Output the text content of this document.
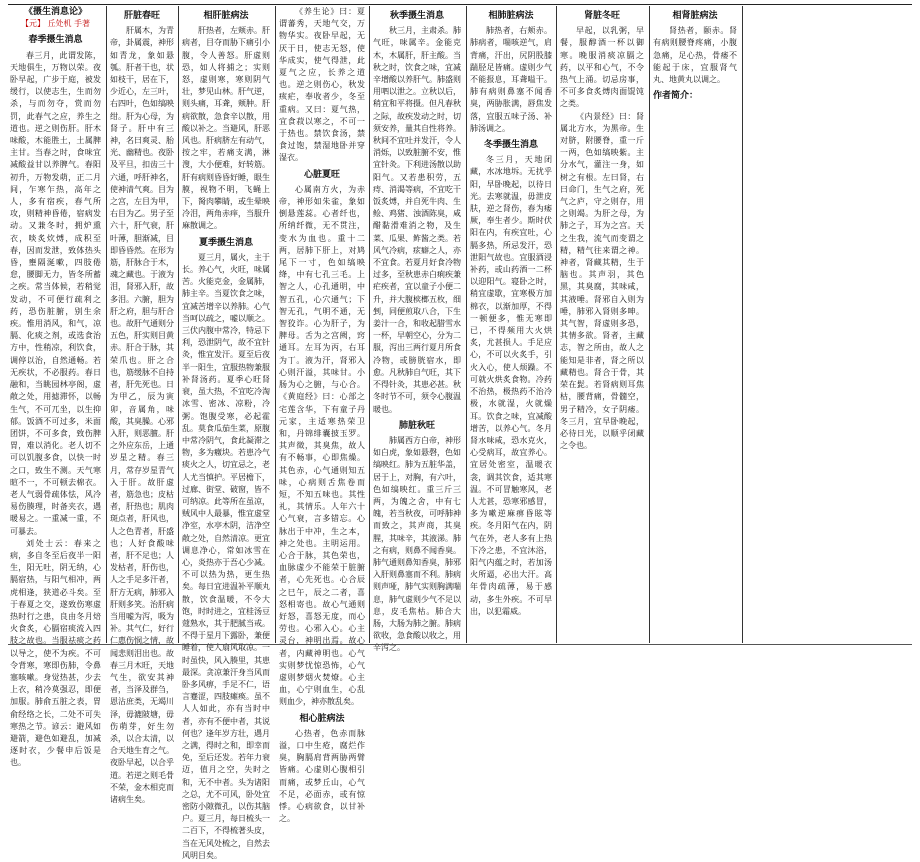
《摄生消息论》
【元】 丘处机 手著
春季摄生消息

春三月，此谓发陈，天地俱生，万物以荣。夜卧早起，广步于庭，被发缓行，以使志生，生而勿杀，与而勿夺，赏而勿罚，此春气之应，养生之道也。逆之则伤肝。肝木味酸，木能胜土，土属脾主甘。当春之时，食味宜减酸益甘以养脾气。春阳初升，万物发萌，正二月间，乍寒乍热，高年之人，多有宿疾，春气所攻，则精神昏倦，宿病发动。又兼冬时，拥炉熏衣，啖炙炊煿，成积至春，因而发泄，致体热头昏，壅隔涎嗽，四肢倦怠，腰脚无力，皆冬所蓄之疾。常当体候，若稍觉发动，不可便行疏利之药，恐伤脏腑，别生余疾。惟用消风，和气，凉膈、化痰之剂，或选食治方中，性稍凉，利饮食，调停以治，自然通畅。若无疾状，不必服药。春日融和，当眺园林亭阁，虚敞之处，用摅滞怀，以畅生气，不可兀坐，以生抑郁。饭酒不可过多，米面团饼，不可多食，致伤脾胃，难以消化。老人切不可以饥腹多食，以快一时之口，致生不测。天气寒暄不一，不可顿去棉衣。老人气弱骨疏体怯，风冷易伤腠理，时备夹衣，遇暖易之。一重减一重，不可暴去。

刘处士云：春来之病，多自冬至后夜半一阳生，阳无吐，阴无纳，心膈宿热，与阳气相冲，两虎相逢，狭道必斗矣。至于春夏之交，遂致伤寒虚热时行之患，良由冬月焙火食炙，心膈宿痰流入四肢之故也。当服祛痰之药以导之，使不为疾。不可令背寒，寒即伤肺，令鼻塞咳嗽。身觉热甚，少去上衣，稍冷莫强忍，即便加服。肺俞五脏之表，胃俞经络之长，二处不可失寒热之节。谚云：避风如避箭，避色如避乱，加减逐时衣，少餐申后饭是也。

肝脏春旺

肝属木，为青帝，卦属震，神形如青龙，象如悬瓠。肝者干也，状如枝干，居在下，少近心，左三叶，右四叶，色如缟映绀。肝为心母，为肾子。肝中有三神，名曰爽灵、胎光、幽精也。夜卧及平旦，扣齿三十六通，呼肝神名，使神清气爽。目为之宫，左目为甲，右目为乙。男子至六十，肝气衰，肝叶薄，胆渐减，目即昏昏然。在形为筋，肝脉合于木，魂之藏也。于液为泪，肾邪入肝，故多泪。六腑，胆为肝之府，胆与肝合也。故肝气通则分五色，肝实则目黄赤。肝合于脉，其荣爪也。肝之合也，筋缓脉不自持者，肝先死也。日为甲乙，辰为寅卯，音属角，味酸，其臭臊。心邪入肝，则恶膻。肝之外应东岳，上通岁星之精。春三月，常存岁星青气入于肝。故肝虚者，筋急也；皮枯者，肝热也；肌肉斑点者，肝风也，人之色青者，肝盛也；人好食酸味者，肝不足也；人发枯者，肝伤也，人之手足多汗者，肝方无病，肺邪入肝则多笑。治肝病当用嘘为泻，吸为补。其气仁，好行仁惠伤悯之情，故闻悲则泪出也。故春三月木旺，天地气生，欲安其神者，当泽及群刍，恩沾庶类，无竭川泽，毋漉陂塘，毋伤萌芽，好生勿杀，以合太清，以合天地生育之气。夜卧早起，以合乎道。若逆之则毛骨不荣，金木相克而诸病生矣。

相肝脏病法

肝热者，左颊赤。肝病者，目夺而胁下痛引小腹，令人善怒。肝虚则恐，如人将捕之；实则怒，虚则寒，寒则阴气壮，梦见山林。肝气逆，则头痛，耳聋，颊肿。肝病欲散，急食辛以散，用酸以补之。当避风，肝恶风也。肝病脐左有动气，按之牢，若痛支满，淋溲，大小便难，好转筋。肝有病则昏昏好睡，眼生膜，视物不明，飞蝇上下，胬肉攀睛，或生晕映冷泪，两角赤痒，当服升麻散调之。

夏季摄生消息

夏三月，属火，主于长。养心气，火旺，味属苦。火能克金，金属肺，肺主辛。当夏饮食之味，宜减苦增辛以养肺。心气当呵以疏之，嘘以顺之。三伏内腹中常冷，特忌下利，恐泄阴气，故不宜针灸，惟宜发汗。夏至后夜半一阳生，宜服热物兼服补肾汤药。夏季心旺肾衰，虽大热，不宜吃冷淘冰雪、密冰、凉粉，冷粥。饱腹受寒，必起霍乱。莫食瓜茄生菜，原腹中常冷阴气，食此凝滞之物，多为癥块。若患冷气痰火之人，切宜忌之，老人尤当慎护。平居檐下，过廊、街堂、破窗，皆不可纳凉。此等所在虽凉，贼风中人最暴，惟宜虚堂净室，水亭木阴，洁净空敞之处，自然清凉。更宜调息净心，常如冰雪在心，炎热亦于吾心少减。不可以热为热，更生热矣。每日宜进温补平顺丸散，饮食温暖，不令大饱，时时进之，宜桂汤豆蔻熟水，其于肥腻当戒。不得于星月下露卧，兼便睡着，使人扇风取凉。一时虽快，风入腠里，其患最深。贪凉兼汗身当风而卧多风痹，手足不仁，语言蹇涩，四肢瘫痪。虽不人人如此，亦有当时中者，亦有不便中者，其说何也？逢年岁方壮，遇月之满，得时之和，即幸而免，至后还发。若年力衰迈，值月之空，失时之和，无不中者。头为诸阳之总，尤不可风，卧处宜密防小隙微孔，以伤其脑户。夏三月，每日梳头一二百下，不得梳著头皮，当在无风处梳之，自然去风明目矣。

《养生论》曰：夏谓蕃秀，天地气交，万物华实。夜卧早起，无厌于日，使志无怒，使华成实，使气得泄，此夏气之应，长养之道也。逆之则伤心，秋发痎疟，奉收者少，冬至重病。又曰：夏气热，宜食菽以寒之，不可一于热也。禁饮食汤，禁食过饱，禁湿地卧并穿湿衣。

心脏夏旺

心属南方火，为赤帝，神形如朱雀，象如倒悬莲蕊。心者纤也，所纳纤微，无不贯注，变水为血也。重十二两，居肺下肝上，对鸠尾下一寸，色如缟映绛，中有七孔三毛。上智之人，心孔通明，中智五孔，心穴通气；下智无孔，气明不通，无智狡诈。心为肝子，为脾母。舌为之宫阙，窍通耳。左耳为丙，右耳为丁。液为汗，肾邪入心则汗溢，其味甘。小肠为心之腑，与心合。《黄庭经》曰：心部之宅莲含华，下有童子丹元家，主适寒热荣卫和，丹锦绯囊披玉罗。其声徵，其臭焦，故人有不畅事，心即焦燥。其色赤，心气通则知五味，心病则舌焦卷而短，不知五味也。其性礼，其情乐。人年六十心气衰，言多错忘。心脉出于中冲，生之本，神之处也。主明运用。心合于脉，其色荣也，血脉虚少不能荣于脏腑者，心先死也。心合辰之巳午，辰之二者，喜怒相寄也。故心气通则好怒，喜怒无度，而心劳也。心邪入心。心主灵台，神明出焉。故心者，内藏神明也。心气实则梦忧惊恐怖，心气虚则梦烟火焚燎。心主血，心宁则血生，心乱则血少，神亦散乱矣。

相心脏病法

心热者，色赤而脉溢，口中生疮，腐烂作臭，胸膈肩背两胁两臂皆痛。心虚则心腹相引而痛，或梦丘山，心气不足，必面赤，或有惊悸。心病欲食，以甘补之。

秋季摄生消息

秋三月，主肃杀。肺气旺，味属辛。金能克木，木属肝，肝主酸。当秋之时，饮食之味，宜减辛增酸以养肝气。肺盛则用呬以泄之。立秋以后，稍宜和平将摄。但凡春秋之际，故疾发动之时，切须安养，量其自性将养。秋间不宜吐并发汗，令人消烁，以致脏腑不安，惟宜针灸。下利进汤散以助阳气。又若患积劳，五痔、消渴等病，不宜吃干饭炙煿，并自死牛肉、生鲙、鸡猪、浊酒陈臭，咸醋黏滑难消之物，及生菜、瓜果、鲊酱之类。若风气冷病，痃癖之人，亦不宜食。若夏月好食冷物过多，至秋患赤白痢疾兼疟疾者，宜以童子小便二升，并大腹槟榔五枚，细剉，同便煎取八合，下生姜汁一合，和收起腊雪水一杯，早朝空心，分为二服，泻出三两行夏月所食冷物，或膀胱宿水，即愈。凡秋肺自气旺，其下不得针灸，其患必甚。秋冬时节不可，须令心腹温暖也。

肺脏秋旺

肺属西方白帝，神形如白虎，象如悬磬，色如缟映红。肺为五脏华盖，居于上，对胸，有六叶，色如缟映红。重三斤三两，为魄之舍，中有七魄，若当秋夜，可呼肺神而致之，其声商，其臭腥，其味辛，其液涕。肺之有病，则鼻不闻香臭。肺气通则鼻知香臭，肺邪入肝则鼻塞而不利。肺病则声哑，肺气实则胸满喘息，肺气虚则少气不足以息，皮毛焦枯。肺合大肠，大肠为肺之腑。肺病欲收，急食酸以收之，用辛泻之。

相肺脏病法

肺热者，右颊赤。肺病者，喘咳逆气，肩背痛，汗出，尻阴股膝踹胫足皆痛。虚则少气不能报息，耳聋嗌干。肺有病则鼻塞不闻香臭，两胁胀满，唇焦发落，宜服五味子汤、补肺汤调之。

冬季摄生消息

冬三月，天地闭藏，水冰地坼。无扰乎阳，早卧晚起，以待日光。去寒就温，毋泄皮肤，逆之肾伤，春为痿厥，奉生者少。斯时伏阳在内，有疾宜吐，心膈多热，所忌发汗，恐泄阳气故也。宜服酒浸补药，或山药酒一二杯以迎阳气。寝卧之时，稍宜虚歇，宜寒极方加棉衣，以渐加厚，不得一顿便多，惟无寒即已，不得频用大火烘炙，尤甚损人。手足应心，不可以火炙手，引火入心，使人烦躁。不可就火烘炙食物。冷药不治热，极热药不治冷极，水就湿，火就燥耳。饮食之味，宜减酸增苦，以养心气。冬月肾水味咸，恐水克火，心受病耳，故宜养心。宜居处密室，温暖衣衾，调其饮食，适其寒温。不可冒触寒风，老人尤甚，恐寒邪感冒，多为嗽逆麻痹昏眩等疾。冬月阳气在内，阴气在外，老人多有上热下冷之患，不宜沐浴，阳气内蕴之时，若加汤火所逼，必出大汗。高年骨肉疏薄，易于感动，多生外疾。不可早出，以犯霜威。

肾脏冬旺

早起，以乳粥，早餐，服醇酒一杯以御寒。晚服消痰凉膈之药，以平和心气，不令热气上涌。切忌房事，不可多食炙煿肉面馄饨之类。

《内景经》曰：肾属北方水，为黑帝。生对脐，附腰脊，重一斤一两，色如缟映紫。主分水气，灌注一身，如树之有根。左曰肾，右曰命门，生气之府，死气之庐，守之则存，用之则竭。为肝之母，为肺之子，耳为之宫。天之生我，流气而变谓之精，精气往来谓之神。神者，肾藏其精，生于脑也。其声羽，其色黑，其臭腐，其味咸，其液唾。肾邪自入则为唾，肺邪入肾则多呻。其气智，肾虚则多恐，其情多欲。肾者，主藏志，智之所由，故人之能知是非者，肾之所以藏精也。肾合于骨，其荣在髭。若肾病则耳焦枯，腰背痛，骨髓空，男子精冷，女子阴痿。冬三月，宜早卧晚起，必待日光，以顺乎闭藏之令也。

相肾脏病法

肾热者，颐赤。肾有病则腰脊疼痛，小腹急痛，足心热，骨痿不能起于床，宜服肾气丸、地黄丸以调之。

作者简介：
